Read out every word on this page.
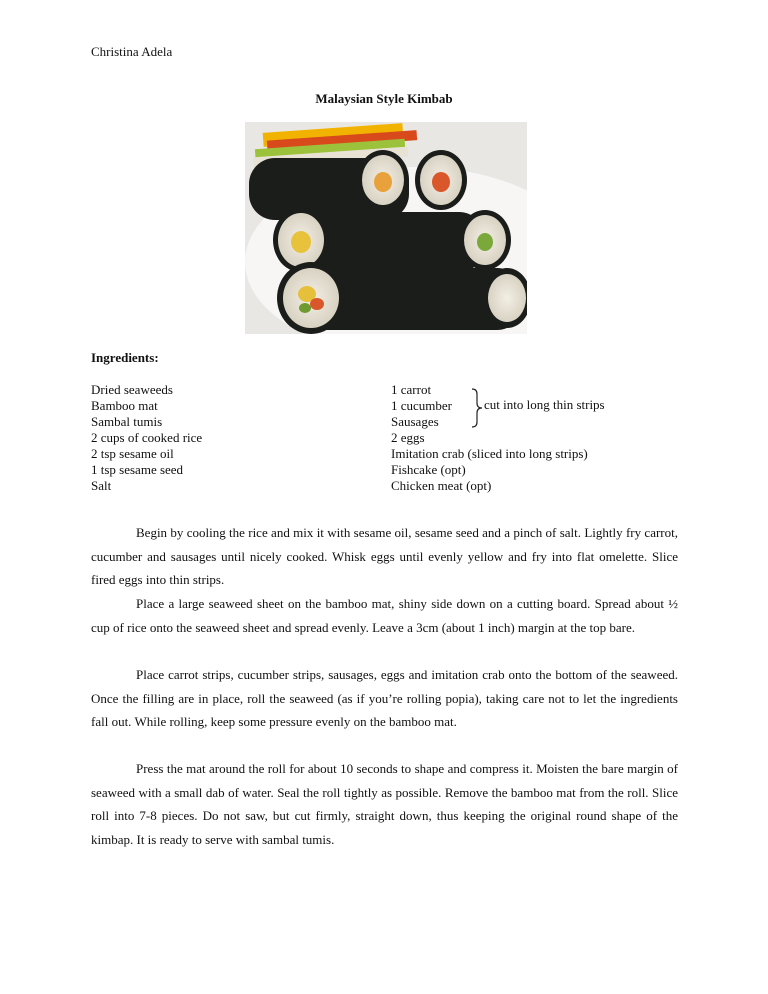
Christina Adela
Malaysian Style Kimbab
Ingredients:
Dried seaweeds
Bamboo mat
Sambal tumis
2 cups of cooked rice
2 tsp sesame oil
1 tsp sesame seed
Salt
1 carrot
1 cucumber
Sausages
2 eggs
Imitation crab (sliced into long strips)
Fishcake (opt)
Chicken meat (opt)
cut into long thin strips

Begin by cooling the rice and mix it with sesame oil, sesame seed and a pinch of salt. Lightly fry carrot, cucumber and sausages until nicely cooked. Whisk eggs until evenly yellow and fry into flat omelette. Slice fired eggs into thin strips.

Place a large seaweed sheet on the bamboo mat, shiny side down on a cutting board. Spread about ½ cup of rice onto the seaweed sheet and spread evenly. Leave a 3cm (about 1 inch) margin at the top bare.

Place carrot strips, cucumber strips, sausages, eggs and imitation crab onto the bottom of the seaweed. Once the filling are in place, roll the seaweed (as if you’re rolling popia), taking care not to let the ingredients fall out. While rolling, keep some pressure evenly on the bamboo mat.

Press the mat around the roll for about 10 seconds to shape and compress it. Moisten the bare margin of seaweed with a small dab of water. Seal the roll tightly as possible. Remove the bamboo mat from the roll. Slice roll into 7-8 pieces. Do not saw, but cut firmly, straight down, thus keeping the original round shape of the kimbap. It is ready to serve with sambal tumis.
